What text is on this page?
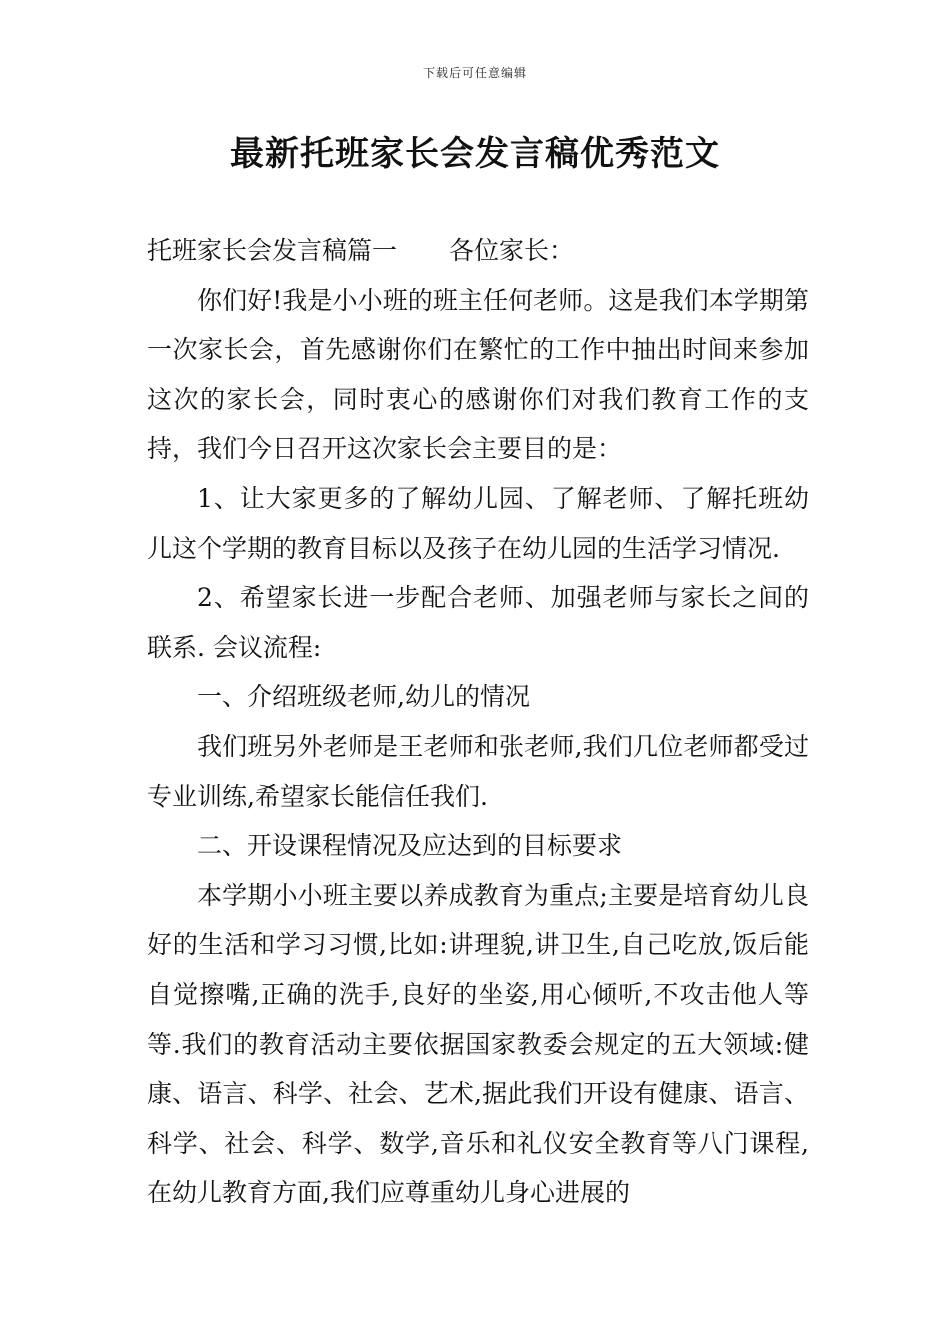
下载后可任意编辑
最新托班家长会发言稿优秀范文

托班家长会发言稿篇一 各位家长：

你们好!我是小小班的班主任何老师。这是我们本学期第一次家长会，首先感谢你们在繁忙的工作中抽出时间来参加这次的家长会，同时衷心的感谢你们对我们教育工作的支持，我们今日召开这次家长会主要目的是：

1、让大家更多的了解幼儿园、了解老师、了解托班幼儿这个学期的教育目标以及孩子在幼儿园的生活学习情况.

2、希望家长进一步配合老师、加强老师与家长之间的联系. 会议流程:

一、介绍班级老师,幼儿的情况

我们班另外老师是王老师和张老师,我们几位老师都受过专业训练,希望家长能信任我们.

二、开设课程情况及应达到的目标要求

本学期小小班主要以养成教育为重点;主要是培育幼儿良好的生活和学习习惯,比如:讲理貌,讲卫生,自己吃放,饭后能自觉擦嘴,正确的洗手,良好的坐姿,用心倾听,不攻击他人等等.我们的教育活动主要依据国家教委会规定的五大领域:健康、语言、科学、社会、艺术,据此我们开设有健康、语言、科学、社会、科学、数学,音乐和礼仪安全教育等八门课程,在幼儿教育方面,我们应尊重幼儿身心进展的
